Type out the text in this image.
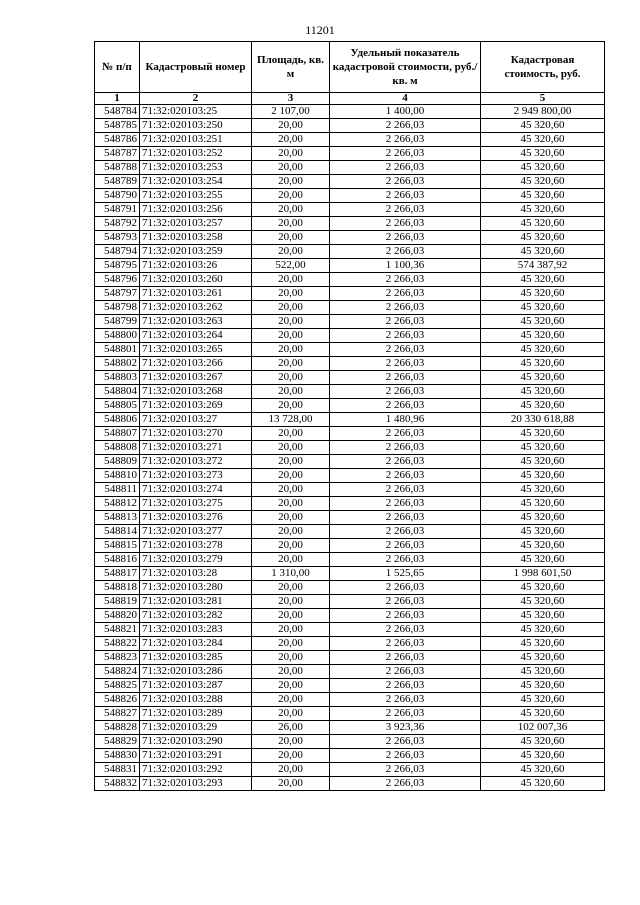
11201
№ п/п	Кадастровый номер	Площадь, кв. м	Удельный показатель кадастровой стоимости, руб./кв. м	Кадастровая стоимость, руб.
1	2	3	4	5
548784	71:32:020103:25	2 107,00	1 400,00	2 949 800,00
548785	71:32:020103:250	20,00	2 266,03	45 320,60
548786	71:32:020103:251	20,00	2 266,03	45 320,60
548787	71:32:020103:252	20,00	2 266,03	45 320,60
548788	71:32:020103:253	20,00	2 266,03	45 320,60
548789	71:32:020103:254	20,00	2 266,03	45 320,60
548790	71:32:020103:255	20,00	2 266,03	45 320,60
548791	71:32:020103:256	20,00	2 266,03	45 320,60
548792	71:32:020103:257	20,00	2 266,03	45 320,60
548793	71:32:020103:258	20,00	2 266,03	45 320,60
548794	71:32:020103:259	20,00	2 266,03	45 320,60
548795	71:32:020103:26	522,00	1 100,36	574 387,92
548796	71:32:020103:260	20,00	2 266,03	45 320,60
548797	71:32:020103:261	20,00	2 266,03	45 320,60
548798	71:32:020103:262	20,00	2 266,03	45 320,60
548799	71:32:020103:263	20,00	2 266,03	45 320,60
548800	71:32:020103:264	20,00	2 266,03	45 320,60
548801	71:32:020103:265	20,00	2 266,03	45 320,60
548802	71:32:020103:266	20,00	2 266,03	45 320,60
548803	71:32:020103:267	20,00	2 266,03	45 320,60
548804	71:32:020103:268	20,00	2 266,03	45 320,60
548805	71:32:020103:269	20,00	2 266,03	45 320,60
548806	71:32:020103:27	13 728,00	1 480,96	20 330 618,88
548807	71:32:020103:270	20,00	2 266,03	45 320,60
548808	71:32:020103:271	20,00	2 266,03	45 320,60
548809	71:32:020103:272	20,00	2 266,03	45 320,60
548810	71:32:020103:273	20,00	2 266,03	45 320,60
548811	71:32:020103:274	20,00	2 266,03	45 320,60
548812	71:32:020103:275	20,00	2 266,03	45 320,60
548813	71:32:020103:276	20,00	2 266,03	45 320,60
548814	71:32:020103:277	20,00	2 266,03	45 320,60
548815	71:32:020103:278	20,00	2 266,03	45 320,60
548816	71:32:020103:279	20,00	2 266,03	45 320,60
548817	71:32:020103:28	1 310,00	1 525,65	1 998 601,50
548818	71:32:020103:280	20,00	2 266,03	45 320,60
548819	71:32:020103:281	20,00	2 266,03	45 320,60
548820	71:32:020103:282	20,00	2 266,03	45 320,60
548821	71:32:020103:283	20,00	2 266,03	45 320,60
548822	71:32:020103:284	20,00	2 266,03	45 320,60
548823	71:32:020103:285	20,00	2 266,03	45 320,60
548824	71:32:020103:286	20,00	2 266,03	45 320,60
548825	71:32:020103:287	20,00	2 266,03	45 320,60
548826	71:32:020103:288	20,00	2 266,03	45 320,60
548827	71:32:020103:289	20,00	2 266,03	45 320,60
548828	71:32:020103:29	26,00	3 923,36	102 007,36
548829	71:32:020103:290	20,00	2 266,03	45 320,60
548830	71:32:020103:291	20,00	2 266,03	45 320,60
548831	71:32:020103:292	20,00	2 266,03	45 320,60
548832	71:32:020103:293	20,00	2 266,03	45 320,60
